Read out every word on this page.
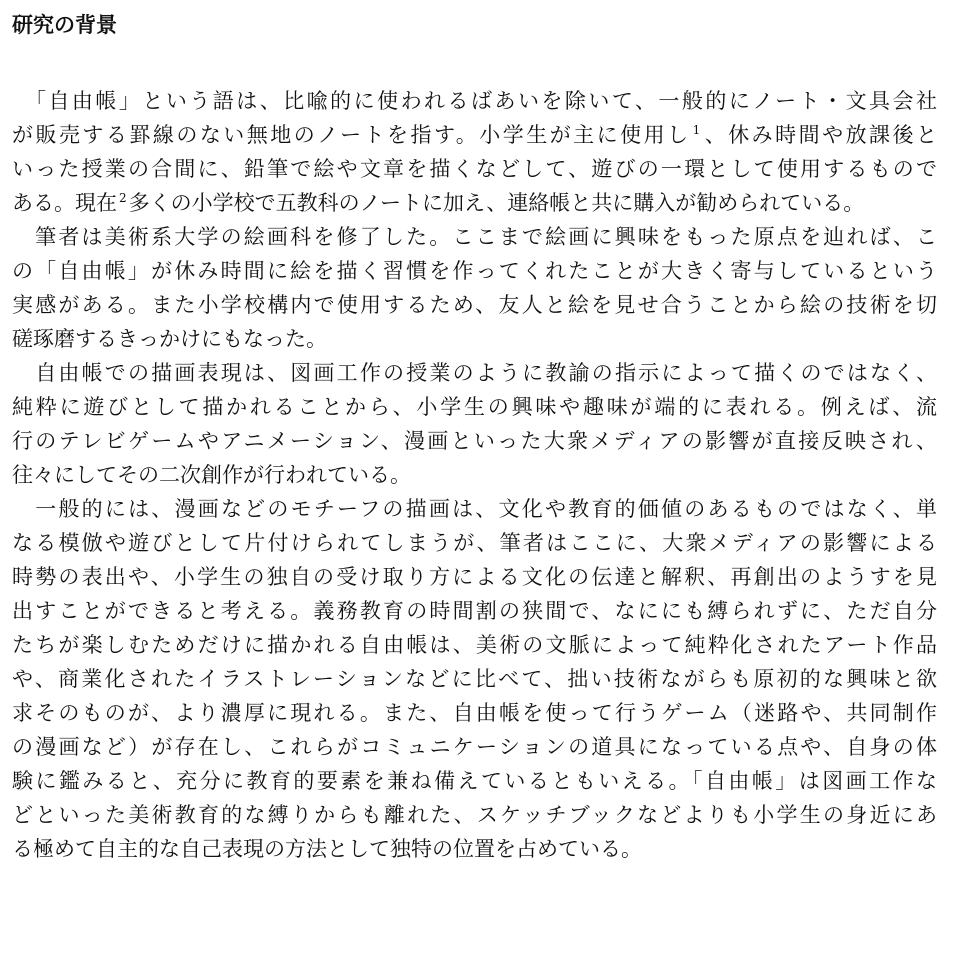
研究の背景
　「自由帳」という語は、比喩的に使われるばあいを除いて、一般的にノート・文具会社
が販売する罫線のない無地のノートを指す。小学生が主に使用し $^1$、休み時間や放課後と
いった授業の合間に、鉛筆で絵や文章を描くなどして、遊びの一環として使用するもので
ある。現在 $^2$多くの小学校で五教科のノートに加え、連絡帳と共に購入が勧められている。
　筆者は美術系大学の絵画科を修了した。ここまで絵画に興味をもった原点を辿れば、こ
の「自由帳」が休み時間に絵を描く習慣を作ってくれたことが大きく寄与しているという
実感がある。また小学校構内で使用するため、友人と絵を見せ合うことから絵の技術を切
磋琢磨するきっかけにもなった。
　自由帳での描画表現は、図画工作の授業のように教諭の指示によって描くのではなく、
純粋に遊びとして描かれることから、小学生の興味や趣味が端的に表れる。例えば、流
行のテレビゲームやアニメーション、漫画といった大衆メディアの影響が直接反映され、
往々にしてその二次創作が行われている。
　一般的には、漫画などのモチーフの描画は、文化や教育的価値のあるものではなく、単
なる模倣や遊びとして片付けられてしまうが、筆者はここに、大衆メディアの影響による
時勢の表出や、小学生の独自の受け取り方による文化の伝達と解釈、再創出のようすを見
出すことができると考える。義務教育の時間割の狭間で、なににも縛られずに、ただ自分
たちが楽しむためだけに描かれる自由帳は、美術の文脈によって純粋化されたアート作品
や、商業化されたイラストレーションなどに比べて、拙い技術ながらも原初的な興味と欲
求そのものが、より濃厚に現れる。また、自由帳を使って行うゲーム（迷路や、共同制作
の漫画など）が存在し、これらがコミュニケーションの道具になっている点や、自身の体
験に鑑みると、充分に教育的要素を兼ね備えているともいえる。「自由帳」は図画工作な
どといった美術教育的な縛りからも離れた、スケッチブックなどよりも小学生の身近にあ
る極めて自主的な自己表現の方法として独特の位置を占めている。
